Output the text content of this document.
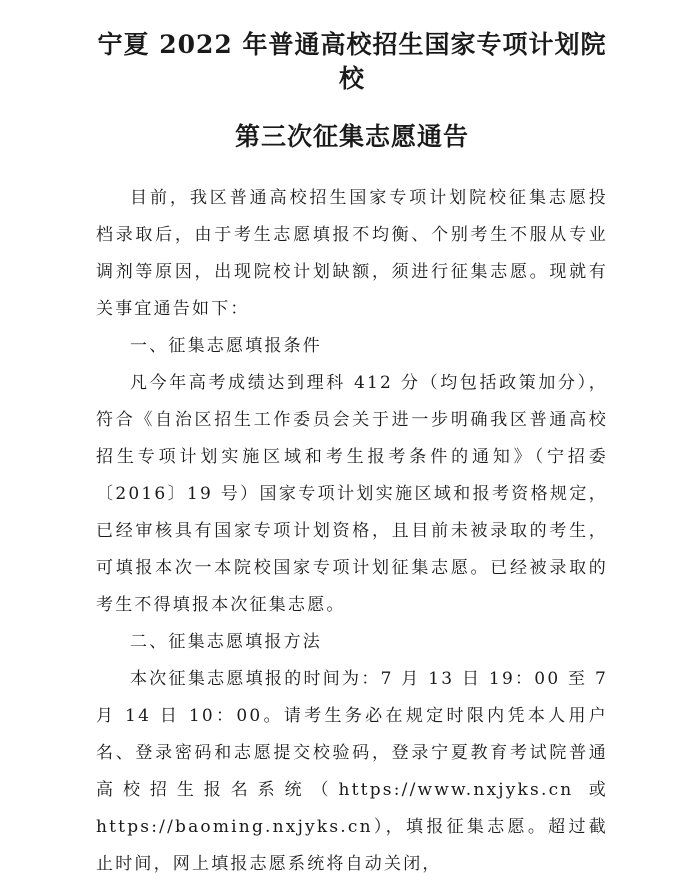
宁夏 2022 年普通高校招生国家专项计划院校
第三次征集志愿通告

目前，我区普通高校招生国家专项计划院校征集志愿投档录取后，由于考生志愿填报不均衡、个别考生不服从专业调剂等原因，出现院校计划缺额，须进行征集志愿。现就有关事宜通告如下：

一、征集志愿填报条件

凡今年高考成绩达到理科 412 分（均包括政策加分），符合《自治区招生工作委员会关于进一步明确我区普通高校招生专项计划实施区域和考生报考条件的通知》（宁招委〔2016〕19 号）国家专项计划实施区域和报考资格规定，已经审核具有国家专项计划资格，且目前未被录取的考生，可填报本次一本院校国家专项计划征集志愿。已经被录取的考生不得填报本次征集志愿。

二、征集志愿填报方法

本次征集志愿填报的时间为：7 月 13 日 19：00 至 7 月 14 日 10：00。请考生务必在规定时限内凭本人用户名、登录密码和志愿提交校验码，登录宁夏教育考试院普通高校招生报名系统（https://www.nxjyks.cn 或 https://baoming.nxjyks.cn），填报征集志愿。超过截止时间，网上填报志愿系统将自动关闭，
